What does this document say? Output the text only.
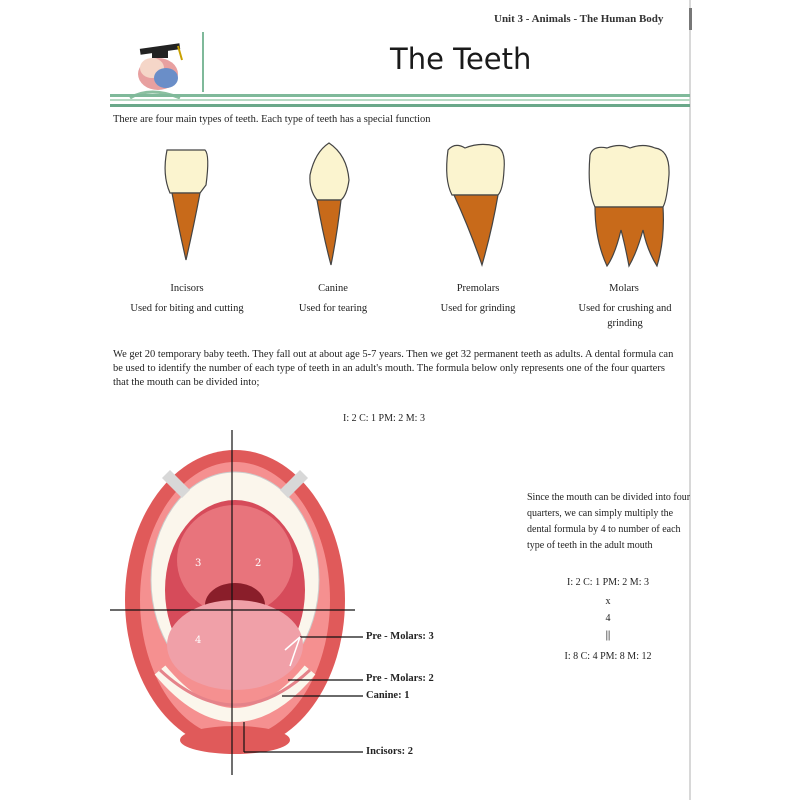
Unit 3 - Animals - The Human Body
The Teeth
There are four main types of teeth. Each type of teeth has a special function
Incisors
Used for biting and cutting
Canine
Used for tearing
Premolars
Used for grinding
Molars
Used for crushing and grinding
We get 20 temporary baby teeth. They fall out at about age 5-7 years. Then we get 32 permanent teeth as adults. A dental formula can be used to identify the number of each type of teeth in an adult's mouth. The formula below only represents one of the four quarters that the mouth can be divided into;
I: 2 C: 1 PM: 2 M: 3
3	2
4	Pre - Molars: 3
Pre - Molars: 2
Canine: 1
Incisors: 2
Since the mouth can be divided into four quarters, we can simply multiply the dental formula by 4 to number of each type of teeth in the adult mouth
I: 2 C: 1 PM: 2 M: 3
x
4
||
I: 8 C: 4 PM: 8 M: 12
